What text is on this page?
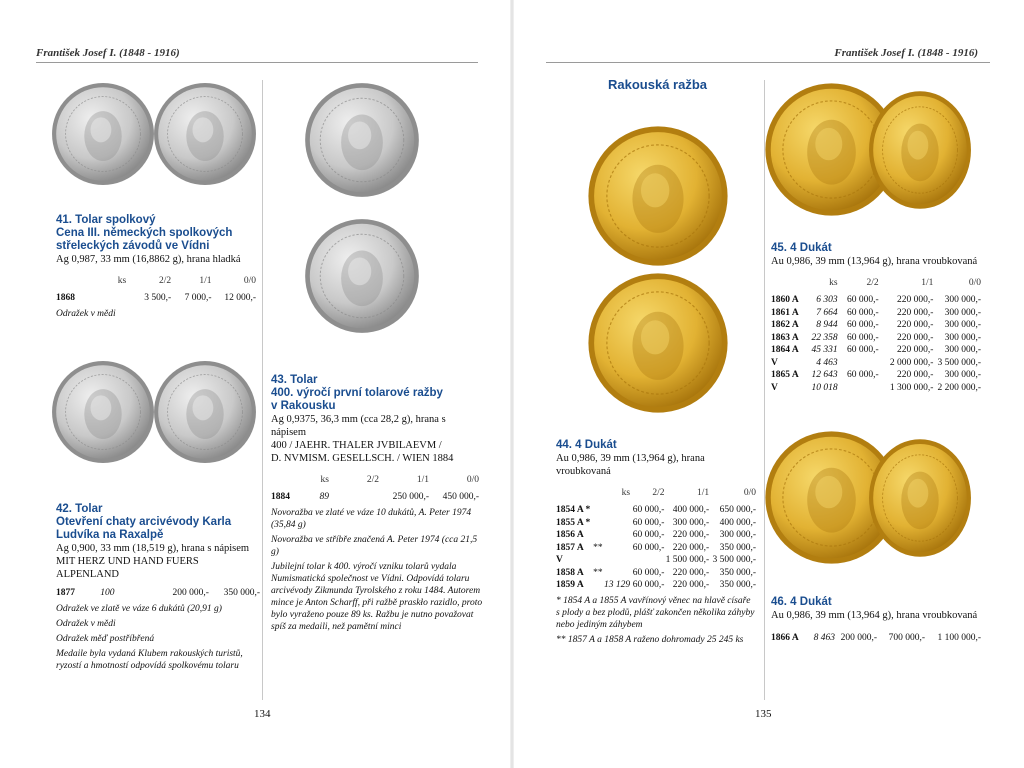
František Josef I. (1848 - 1916)
134
František Josef I. (1848 - 1916)
135
Rakouská ražba
41. Tolar spolkový
Cena III. německých spolkových
střeleckých závodů ve Vídni
Ag 0,987, 33 mm (16,8862 g), hrana hladká
		ks	2/2	1/1	0/0
1868			3 500,-	7 000,-	12 000,-
Odražek v mědi
42. Tolar
Otevření chaty arcivévody Karla
Ludvíka na Raxalpě
Ag 0,900, 33 mm (18,519 g), hrana s nápisem
MIT HERZ UND HAND FUERS ALPENLAND
1877		100		200 000,-	350 000,-
Odražek ve zlatě ve váze 6 dukátů (20,91 g)
Odražek v mědi
Odražek měď postříbřená
Medaile byla vydaná Klubem rakouských turistů, ryzostí a hmotností odpovídá spolkovému tolaru
43. Tolar
400. výročí první tolarové ražby
v Rakousku
Ag 0,9375, 36,3 mm (cca 28,2 g), hrana s nápisem
400 / JAEHR. THALER JVBILAEVM /
D. NVMISM. GESELLSCH. / WIEN 1884
		ks	2/2	1/1	0/0
1884		89		250 000,-	450 000,-
Novoražba ve zlaté ve váze 10 dukátů, A. Peter 1974 (35,84 g)
Novoražba ve stříbře značená A. Peter 1974 (cca 21,5 g)
Jubilejní tolar k 400. výročí vzniku tolarů vydala Numismatická společnost ve Vídni. Odpovídá tolaru arcivévody Zikmunda Tyrolského z roku 1484. Autorem mince je Anton Scharff, při ražbě praskło razidlo, proto bylo vyraženo pouze 89 ks. Ražbu je nutno považovat spíš za medaili, než pamětní minci
44. 4 Dukát
Au 0,986, 39 mm (13,964 g), hrana vroubkovaná
		ks	2/2	1/1	0/0
1854 A *			60 000,-	400 000,-	650 000,-
1855 A *			60 000,-	300 000,-	400 000,-
1856 A			60 000,-	220 000,-	300 000,-
1857 A	**		60 000,-	220 000,-	350 000,-
V				1 500 000,-	3 500 000,-
1858 A	**		60 000,-	220 000,-	350 000,-
1859 A		13 129	60 000,-	220 000,-	350 000,-
* 1854 A a 1855 A vavřínový věnec na hlavě císaře s plody a bez plodů, plášť zakončen několika záhyby nebo jediným záhybem
** 1857 A a 1858 A raženo dohromady 25 245 ks
45. 4 Dukát
Au 0,986, 39 mm (13,964 g), hrana vroubkovaná
	ks	2/2	1/1	0/0
1860 A	6 303	60 000,-	220 000,-	300 000,-
1861 A	7 664	60 000,-	220 000,-	300 000,-
1862 A	8 944	60 000,-	220 000,-	300 000,-
1863 A	22 358	60 000,-	220 000,-	300 000,-
1864 A	45 331	60 000,-	220 000,-	300 000,-
V	4 463		2 000 000,-	3 500 000,-
1865 A	12 643	60 000,-	220 000,-	300 000,-
V	10 018		1 300 000,-	2 200 000,-
46. 4 Dukát
Au 0,986, 39 mm (13,964 g), hrana vroubkovaná
1866 A	8 463	200 000,-	700 000,-	1 100 000,-
